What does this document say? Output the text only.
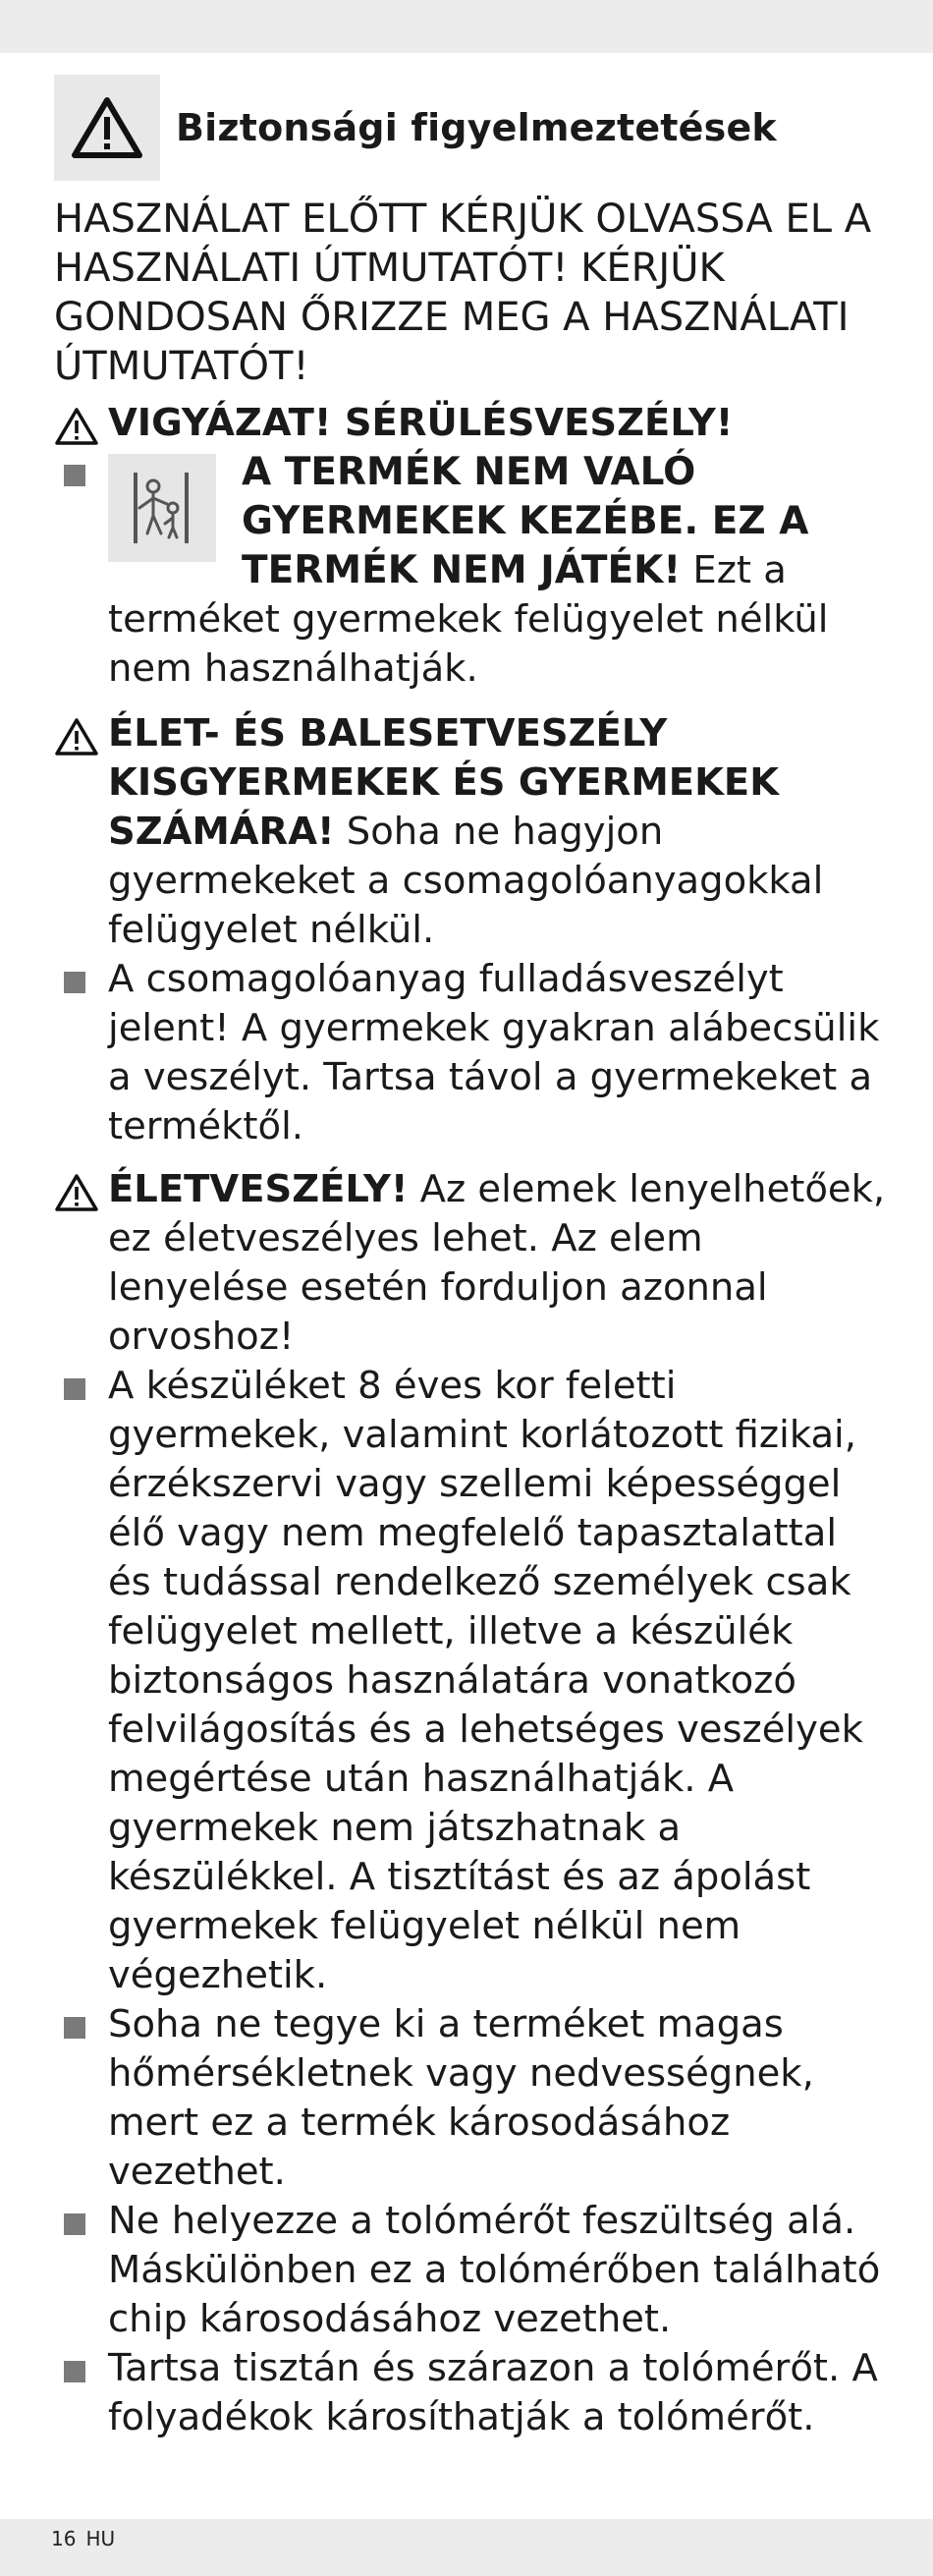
Biztonsági figyelmeztetések
HASZNÁLAT ELŐTT KÉRJÜK OLVASSA EL A HASZNÁLATI ÚTMUTATÓT! KÉRJÜK GONDOSAN ŐRIZZE MEG A HASZNÁLATI ÚTMUTATÓT!
VIGYÁZAT! SÉRÜLÉSVESZÉLY!
A TERMÉK NEM VALÓ GYERMEKEK KEZÉBE. EZ A TERMÉK NEM JÁTÉK! Ezt a terméket gyermekek felügyelet nélkül nem használhatják.
ÉLET- ÉS BALESETVESZÉLY KISGYERMEKEK ÉS GYERMEKEK SZÁMÁRA! Soha ne hagyjon gyermekeket a csomagolóanyagokkal felügyelet nélkül.
A csomagolóanyag fulladásveszélyt jelent! A gyermekek gyakran alábecsülik a veszélyt. Tartsa távol a gyermekeket a terméktől.
ÉLETVESZÉLY! Az elemek lenyelhetőek, ez életveszélyes lehet. Az elem lenyelése esetén forduljon azonnal orvoshoz!
A készüléket 8 éves kor feletti gyermekek, valamint korlátozott fizikai, érzékszervi vagy szellemi képességgel élő vagy nem megfelelő tapasztalattal és tudással rendelkező személyek csak felügyelet mellett, illetve a készülék biztonságos használatára vonatkozó felvilágosítás és a lehetséges veszélyek megértése után használhatják. A gyermekek nem játszhatnak a készülékkel. A tisztítást és az ápolást gyermekek felügyelet nélkül nem végezhetik.
Soha ne tegye ki a terméket magas hőmérsékletnek vagy nedvességnek, mert ez a termék károsodásához vezethet.
Ne helyezze a tolómérőt feszültség alá. Máskülönben ez a tolómérőben található chip károsodásához vezethet.
Tartsa tisztán és szárazon a tolómérőt. A folyadékok károsíthatják a tolómérőt.
16 HU
